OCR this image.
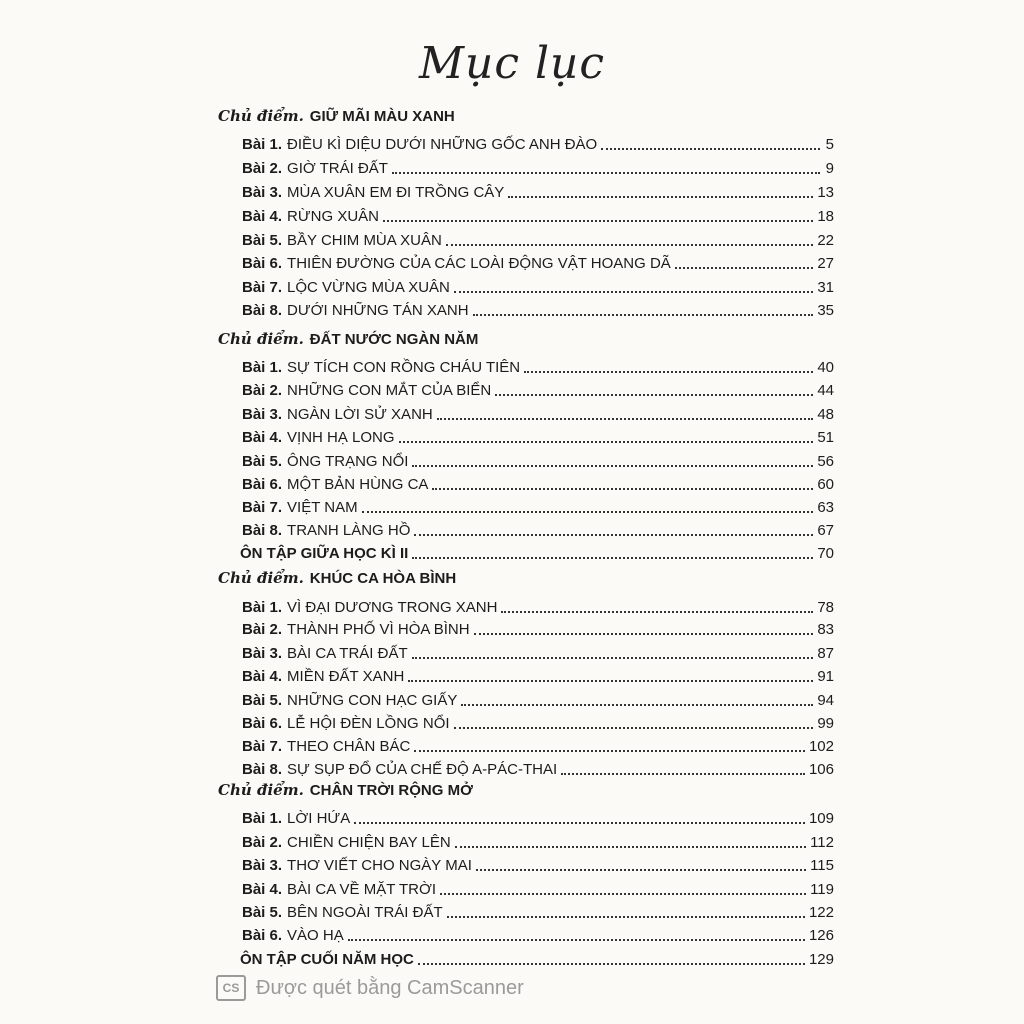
Mục lục
Chủ điểm. GIỮ MÃI MÀU XANH
Bài 1. ĐIỀU KÌ DIỆU DƯỚI NHỮNG GỐC ANH ĐÀO	5
Bài 2. GIỜ TRÁI ĐẤT	9
Bài 3. MÙA XUÂN EM ĐI TRỒNG CÂY	13
Bài 4. RỪNG XUÂN	18
Bài 5. BẦY CHIM MÙA XUÂN	22
Bài 6. THIÊN ĐƯỜNG CỦA CÁC LOÀI ĐỘNG VẬT HOANG DÃ	27
Bài 7. LỘC VỪNG MÙA XUÂN	31
Bài 8. DƯỚI NHỮNG TÁN XANH	35
Chủ điểm. ĐẤT NƯỚC NGÀN NĂM
Bài 1. SỰ TÍCH CON RỒNG CHÁU TIÊN	40
Bài 2. NHỮNG CON MẮT CỦA BIỂN	44
Bài 3. NGÀN LỜI SỬ XANH	48
Bài 4. VỊNH HẠ LONG	51
Bài 5. ÔNG TRẠNG NỔI	56
Bài 6. MỘT BẢN HÙNG CA	60
Bài 7. VIỆT NAM	63
Bài 8. TRANH LÀNG HỒ	67
ÔN TẬP GIỮA HỌC KÌ II	70
Chủ điểm. KHÚC CA HÒA BÌNH
Bài 1. VÌ ĐẠI DƯƠNG TRONG XANH	78
Bài 2. THÀNH PHỐ VÌ HÒA BÌNH	83
Bài 3. BÀI CA TRÁI ĐẤT	87
Bài 4. MIỀN ĐẤT XANH	91
Bài 5. NHỮNG CON HẠC GIẤY	94
Bài 6. LỄ HỘI ĐÈN LỒNG NỔI	99
Bài 7. THEO CHÂN BÁC	102
Bài 8. SỰ SỤP ĐỔ CỦA CHẾ ĐỘ A-PÁC-THAI	106
Chủ điểm. CHÂN TRỜI RỘNG MỞ
Bài 1. LỜI HỨA	109
Bài 2. CHIỀN CHIỆN BAY LÊN	112
Bài 3. THƠ VIẾT CHO NGÀY MAI	115
Bài 4. BÀI CA VỀ MẶT TRỜI	119
Bài 5. BÊN NGOÀI TRÁI ĐẤT	122
Bài 6. VÀO HẠ	126
ÔN TẬP CUỐI NĂM HỌC	129
CS Được quét bằng CamScanner
